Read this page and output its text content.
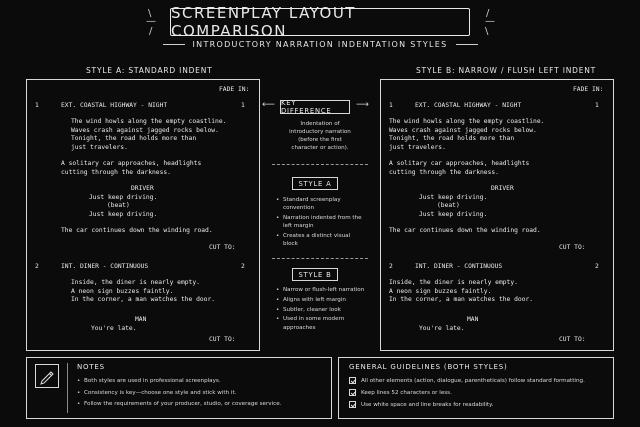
\
—
/
SCREENPLAY LAYOUT COMPARISON
/
—
\
INTRODUCTORY NARRATION INDENTATION STYLES
STYLE A: STANDARD INDENT	STYLE B: NARROW / FLUSH LEFT INDENT
FADE IN:
1	EXT. COASTAL HIGHWAY - NIGHT	1
The wind howls along the empty coastline.
Waves crash against jagged rocks below.
Tonight, the road holds more than
just travelers.
A solitary car approaches, headlights
cutting through the darkness.
DRIVER
Just keep driving.
(beat)
Just keep driving.
The car continues down the winding road.
CUT TO:
2	INT. DINER - CONTINUOUS	2
Inside, the diner is nearly empty.
A neon sign buzzes faintly.
In the corner, a man watches the door.
MAN
You're late.
CUT TO:
FADE IN:
1	EXT. COASTAL HIGHWAY - NIGHT	1
The wind howls along the empty coastline.
Waves crash against jagged rocks below.
Tonight, the road holds more than
just travelers.
A solitary car approaches, headlights
cutting through the darkness.
DRIVER
Just keep driving.
(beat)
Just keep driving.
The car continues down the winding road.
CUT TO:
2	INT. DINER - CONTINUOUS	2
Inside, the diner is nearly empty.
A neon sign buzzes faintly.
In the corner, a man watches the door.
MAN
You're late.
CUT TO:
⟵ KEY DIFFERENCE
⟶
Indentation of
introductory narration
(before the first
character or action).
STYLE A
• Standard screenplay convention
• Narration indented from the left margin
• Creates a distinct visual block
STYLE B
• Narrow or flush-left narration
• Aligns with left margin
• Subtler, cleaner look
• Used in some modern approaches
NOTES
• Both styles are used in professional screenplays.
• Consistency is key—choose one style and stick with it.
• Follow the requirements of your producer, studio, or coverage service.
GENERAL GUIDELINES (BOTH STYLES)
All other elements (action, dialogue, parentheticals) follow standard formatting.
Keep lines 52 characters or less.
Use white space and line breaks for readability.
